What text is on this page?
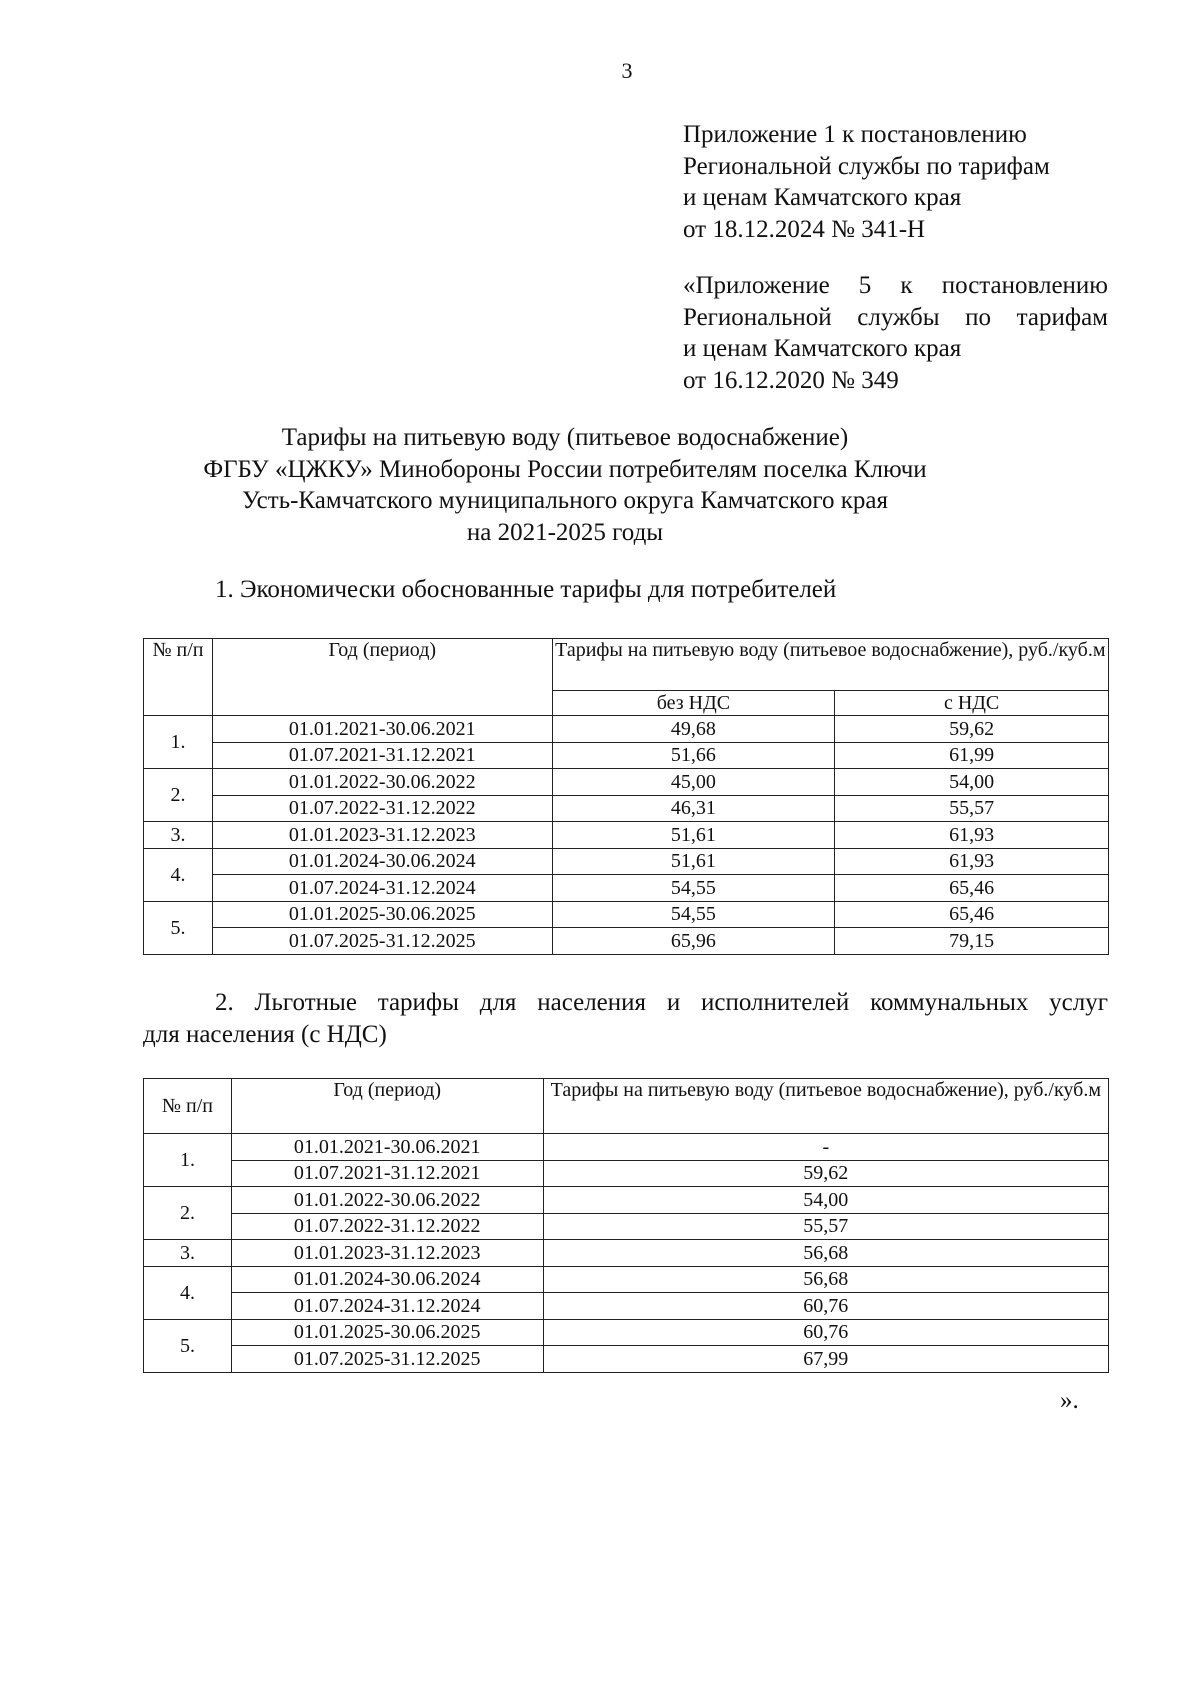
3
Приложение 1 к постановлению
Региональной службы по тарифам
и ценам Камчатского края
от 18.12.2024 № 341-Н
«Приложение 5 к постановлению
Региональной службы по тарифам
и ценам Камчатского края
от 16.12.2020 № 349
Тарифы на питьевую воду (питьевое водоснабжение)
ФГБУ «ЦЖКУ» Минобороны России потребителям поселка Ключи
Усть-Камчатского муниципального округа Камчатского края
на 2021-2025 годы
1. Экономически обоснованные тарифы для потребителей
№ п/п	Год (период)	Тарифы на питьевую воду (питьевое водоснабжение), руб./куб.м	
		без НДС	с НДС
1.	01.01.2021-30.06.2021	49,68	59,62
	01.07.2021-31.12.2021	51,66	61,99
2.	01.01.2022-30.06.2022	45,00	54,00
	01.07.2022-31.12.2022	46,31	55,57
3.	01.01.2023-31.12.2023	51,61	61,93
4.	01.01.2024-30.06.2024	51,61	61,93
	01.07.2024-31.12.2024	54,55	65,46
5.	01.01.2025-30.06.2025	54,55	65,46
	01.07.2025-31.12.2025	65,96	79,15
2. Льготные тарифы для населения и исполнителей коммунальных услуг
для населения (с НДС)
№ п/п	Год (период)	Тарифы на питьевую воду (питьевое водоснабжение), руб./куб.м
1.	01.01.2021-30.06.2021	-
	01.07.2021-31.12.2021	59,62
2.	01.01.2022-30.06.2022	54,00
	01.07.2022-31.12.2022	55,57
3.	01.01.2023-31.12.2023	56,68
4.	01.01.2024-30.06.2024	56,68
	01.07.2024-31.12.2024	60,76
5.	01.01.2025-30.06.2025	60,76
	01.07.2025-31.12.2025	67,99
».
